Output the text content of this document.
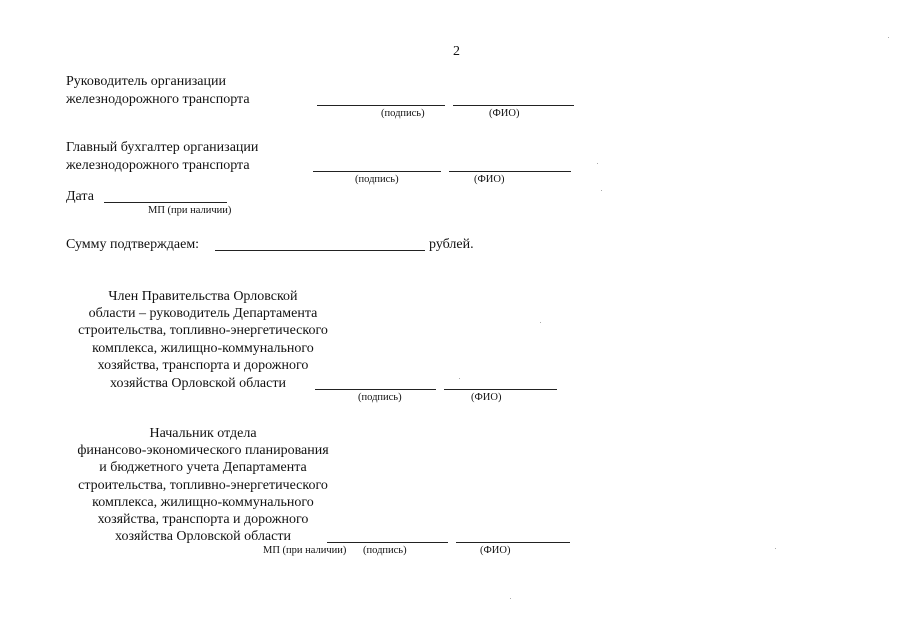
2
Руководитель организации
железнодорожного транспорта
(подпись)	(ФИО)
Главный бухгалтер организации
железнодорожного транспорта
(подпись)	(ФИО)
Дата
МП (при наличии)
Сумму подтверждаем:	рублей.
Член Правительства Орловской
области – руководитель Департамента
строительства, топливно-энергетического
комплекса, жилищно-коммунального
хозяйства, транспорта и дорожного
хозяйства Орловской области
(подпись)	(ФИО)
Начальник отдела
финансово-экономического планирования
и бюджетного учета Департамента
строительства, топливно-энергетического
комплекса, жилищно-коммунального
хозяйства, транспорта и дорожного
хозяйства Орловской области
МП (при наличии) (подпись)	(ФИО)
